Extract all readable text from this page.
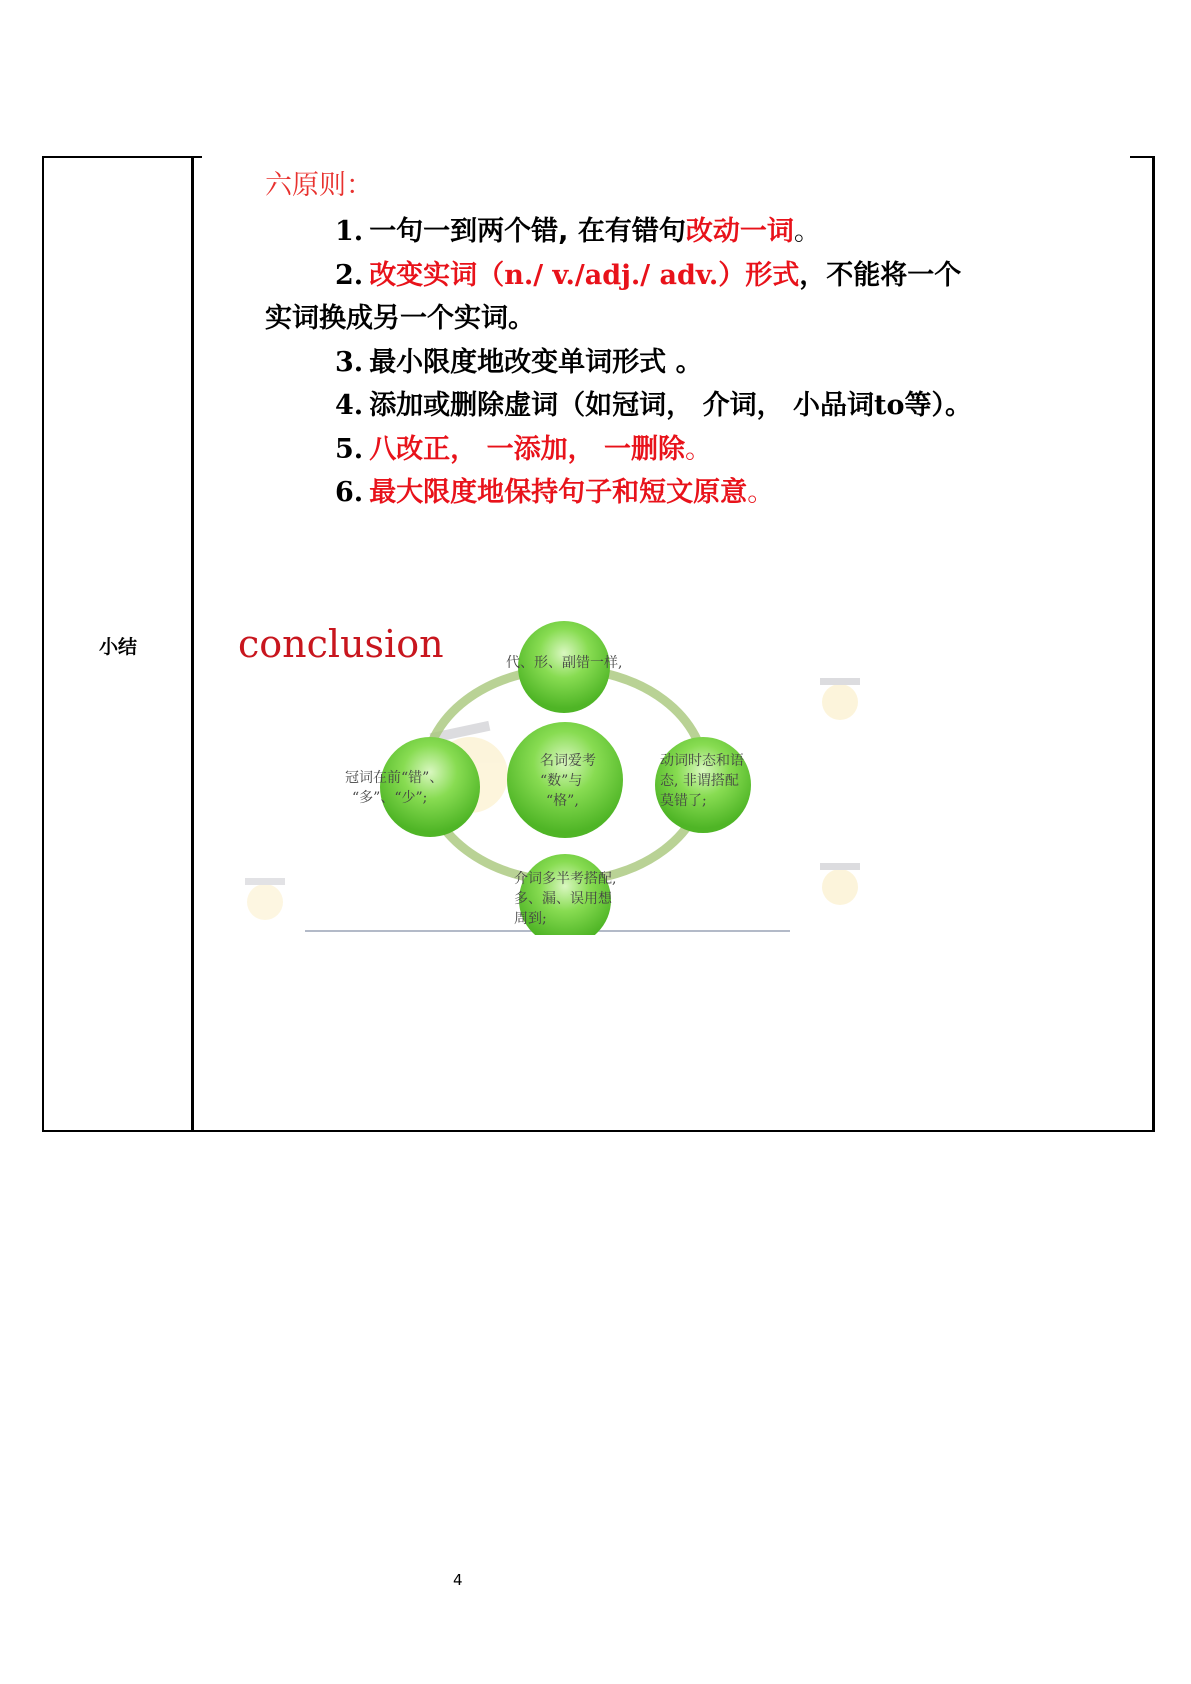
小结
六原则：
1. 一句一到两个错, 在有错句改动一词。
2. 改变实词（n./ v./adj./ adv.）形式，不能将一个
实词换成另一个实词。
3. 最小限度地改变单词形式 。
4. 添加或删除虚词（如冠词， 介词， 小品词to等）。
5. 八改正， 一添加， 一删除。
6. 最大限度地保持句子和短文原意。
conclusion	代、形、副错一样,
名词爱考
“数”与
“格”,
冠词在前“错”、
“多”、“少”;
动词时态和语
态, 非谓搭配
莫错了;
介词多半考搭配,
多、漏、误用想
周到;
4
